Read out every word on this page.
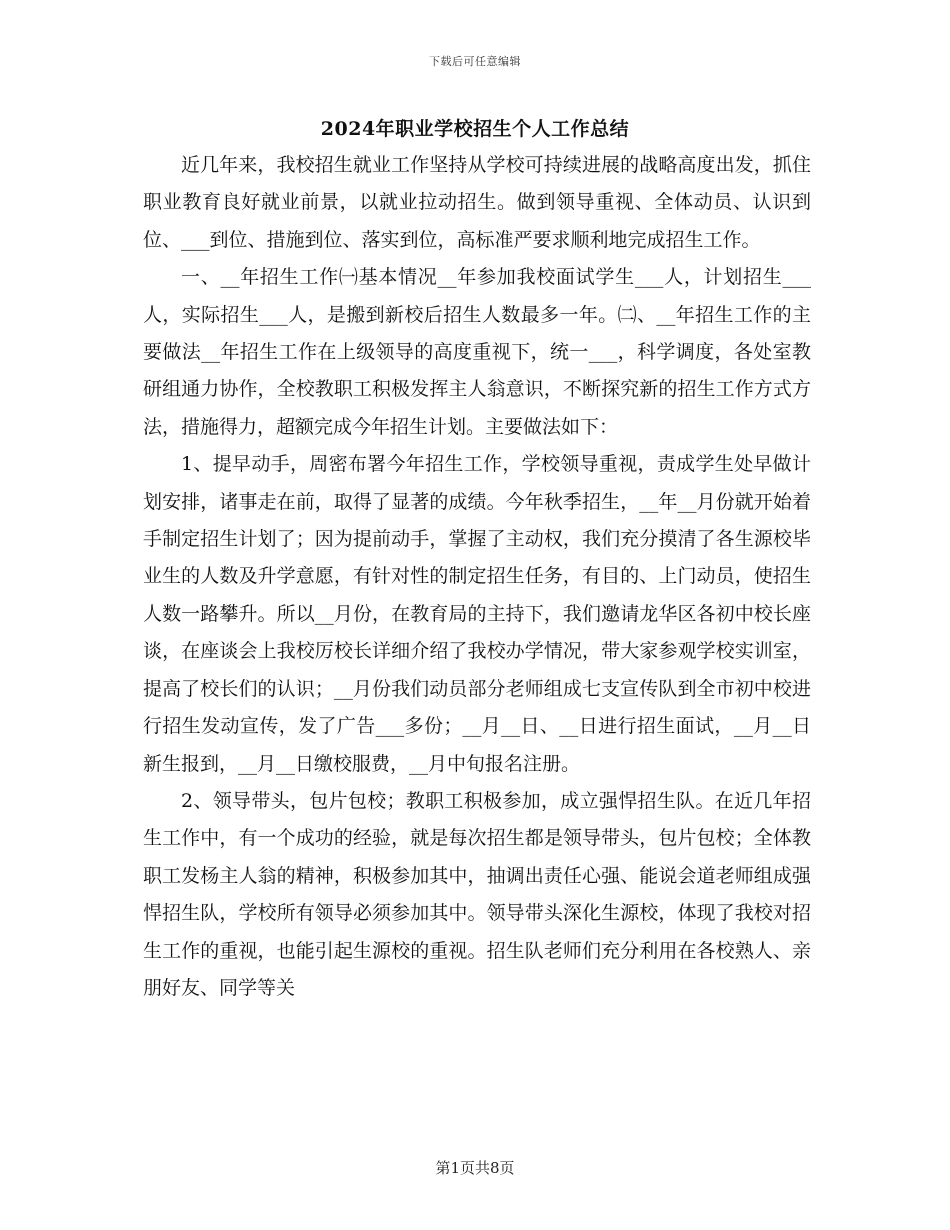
下载后可任意编辑
2024年职业学校招生个人工作总结

近几年来，我校招生就业工作坚持从学校可持续进展的战略高度出发，抓住职业教育良好就业前景，以就业拉动招生。做到领导重视、全体动员、认识到位、___到位、措施到位、落实到位，高标准严要求顺利地完成招生工作。

一、__年招生工作㈠基本情况__年参加我校面试学生___人，计划招生___人，实际招生___人，是搬到新校后招生人数最多一年。㈡、__年招生工作的主要做法__年招生工作在上级领导的高度重视下，统一___，科学调度，各处室教研组通力协作，全校教职工积极发挥主人翁意识，不断探究新的招生工作方式方法，措施得力，超额完成今年招生计划。主要做法如下：

1、提早动手，周密布署今年招生工作，学校领导重视，责成学生处早做计划安排，诸事走在前，取得了显著的成绩。今年秋季招生，__年__月份就开始着手制定招生计划了；因为提前动手，掌握了主动权，我们充分摸清了各生源校毕业生的人数及升学意愿，有针对性的制定招生任务，有目的、上门动员，使招生人数一路攀升。所以__月份，在教育局的主持下，我们邀请龙华区各初中校长座谈，在座谈会上我校厉校长详细介绍了我校办学情况，带大家参观学校实训室，提高了校长们的认识；__月份我们动员部分老师组成七支宣传队到全市初中校进行招生发动宣传，发了广告___多份；__月__日、__日进行招生面试，__月__日新生报到，__月__日缴校服费，__月中旬报名注册。

2、领导带头，包片包校；教职工积极参加，成立强悍招生队。在近几年招生工作中，有一个成功的经验，就是每次招生都是领导带头，包片包校；全体教职工发杨主人翁的精神，积极参加其中，抽调出责任心强、能说会道老师组成强悍招生队，学校所有领导必须参加其中。领导带头深化生源校，体现了我校对招生工作的重视，也能引起生源校的重视。招生队老师们充分利用在各校熟人、亲朋好友、同学等关

第1页共8页
